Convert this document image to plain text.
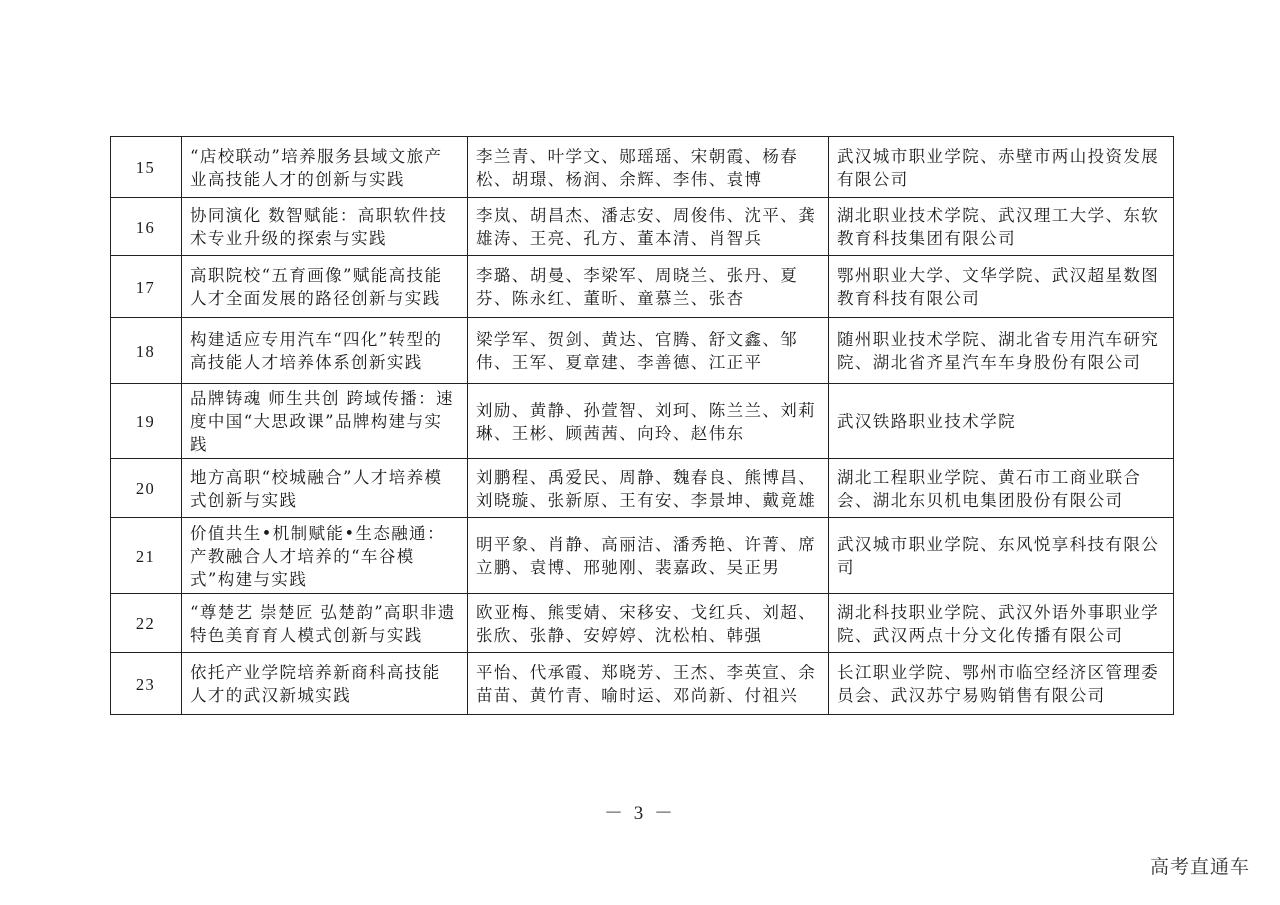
15	“店校联动”培养服务县域文旅产业高技能人才的创新与实践	李兰青、叶学文、郧瑶瑶、宋朝霞、杨春松、胡璟、杨润、余辉、李伟、袁博	武汉城市职业学院、赤壁市两山投资发展有限公司
16	协同演化 数智赋能：高职软件技术专业升级的探索与实践	李岚、胡昌杰、潘志安、周俊伟、沈平、龚雄涛、王亮、孔方、董本清、肖智兵	湖北职业技术学院、武汉理工大学、东软教育科技集团有限公司
17	高职院校“五育画像”赋能高技能人才全面发展的路径创新与实践	李璐、胡曼、李梁军、周晓兰、张丹、夏芬、陈永红、董昕、童慕兰、张杏	鄂州职业大学、文华学院、武汉超星数图教育科技有限公司
18	构建适应专用汽车“四化”转型的高技能人才培养体系创新实践	梁学军、贺剑、黄达、官腾、舒文鑫、邹伟、王军、夏章建、李善德、江正平	随州职业技术学院、湖北省专用汽车研究院、湖北省齐星汽车车身股份有限公司
19	品牌铸魂 师生共创 跨域传播：速度中国“大思政课”品牌构建与实践	刘励、黄静、孙萱智、刘珂、陈兰兰、刘莉琳、王彬、顾茜茜、向玲、赵伟东	武汉铁路职业技术学院
20	地方高职“校城融合”人才培养模式创新与实践	刘鹏程、禹爱民、周静、魏春良、熊博昌、刘晓璇、张新原、王有安、李景坤、戴竟雄	湖北工程职业学院、黄石市工商业联合会、湖北东贝机电集团股份有限公司
21	价值共生•机制赋能•生态融通：产教融合人才培养的“车谷模式”构建与实践	明平象、肖静、高丽洁、潘秀艳、许菁、席立鹏、袁博、邢驰刚、裴嘉政、吴正男	武汉城市职业学院、东风悦享科技有限公司
22	“尊楚艺 崇楚匠 弘楚韵”高职非遗特色美育育人模式创新与实践	欧亚梅、熊雯婧、宋移安、戈红兵、刘超、张欣、张静、安婷婷、沈松柏、韩强	湖北科技职业学院、武汉外语外事职业学院、武汉两点十分文化传播有限公司
23	依托产业学院培养新商科高技能人才的武汉新城实践	平怡、代承霞、郑晓芳、王杰、李英宣、余苗苗、黄竹青、喻时运、邓尚新、付祖兴	长江职业学院、鄂州市临空经济区管理委员会、武汉苏宁易购销售有限公司
－ 3 －
高考直通车
